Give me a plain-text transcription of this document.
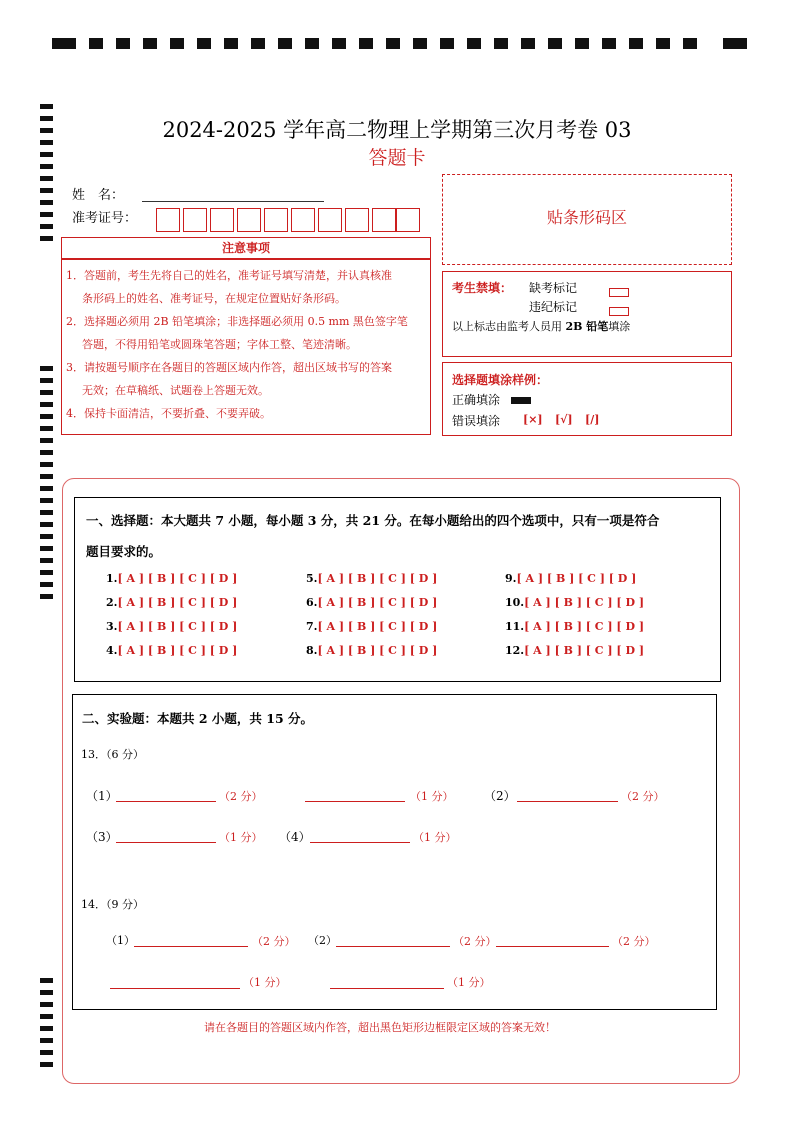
2024-2025 学年高二物理上学期第三次月考卷 03
答题卡
姓　名：
准考证号：	贴条形码区
注意事项
1．答题前，考生先将自己的姓名，准考证号填写清楚，并认真核准
条形码上的姓名、准考证号，在规定位置贴好条形码。
2．选择题必须用 2B 铅笔填涂；非选择题必须用 0.5 mm 黑色签字笔
答题，不得用铅笔或圆珠笔答题；字体工整、笔迹清晰。
3．请按题号顺序在各题目的答题区域内作答，超出区域书写的答案
无效；在草稿纸、试题卷上答题无效。
4．保持卡面清洁，不要折叠、不要弄破。
考生禁填： 缺考标记
违纪标记
以上标志由监考人员用 2B 铅笔填涂
选择题填涂样例：
正确填涂
错误填涂 [×] [√] [/]
一、选择题：本大题共 7 小题，每小题 3 分，共 21 分。在每小题给出的四个选项中，只有一项是符合
题目要求的。
1.[ A ] [ B ] [ C ] [ D ]
2.[ A ] [ B ] [ C ] [ D ]
3.[ A ] [ B ] [ C ] [ D ]
4.[ A ] [ B ] [ C ] [ D ]
5.[ A ] [ B ] [ C ] [ D ]
6.[ A ] [ B ] [ C ] [ D ]
7.[ A ] [ B ] [ C ] [ D ]
8.[ A ] [ B ] [ C ] [ D ]
9.[ A ] [ B ] [ C ] [ D ]
10.[ A ] [ B ] [ C ] [ D ]
11.[ A ] [ B ] [ C ] [ D ]
12.[ A ] [ B ] [ C ] [ D ]
二、实验题：本题共 2 小题，共 15 分。
13．（6 分）
（1）	（2 分）	（1 分）	（2）	（2 分）
（3）	（1 分） （4）	（1 分）
14．（9 分）
（1）	（2 分） （2）	（2 分）	（2 分）
（1 分）	（1 分）
请在各题目的答题区域内作答，超出黑色矩形边框限定区域的答案无效！
